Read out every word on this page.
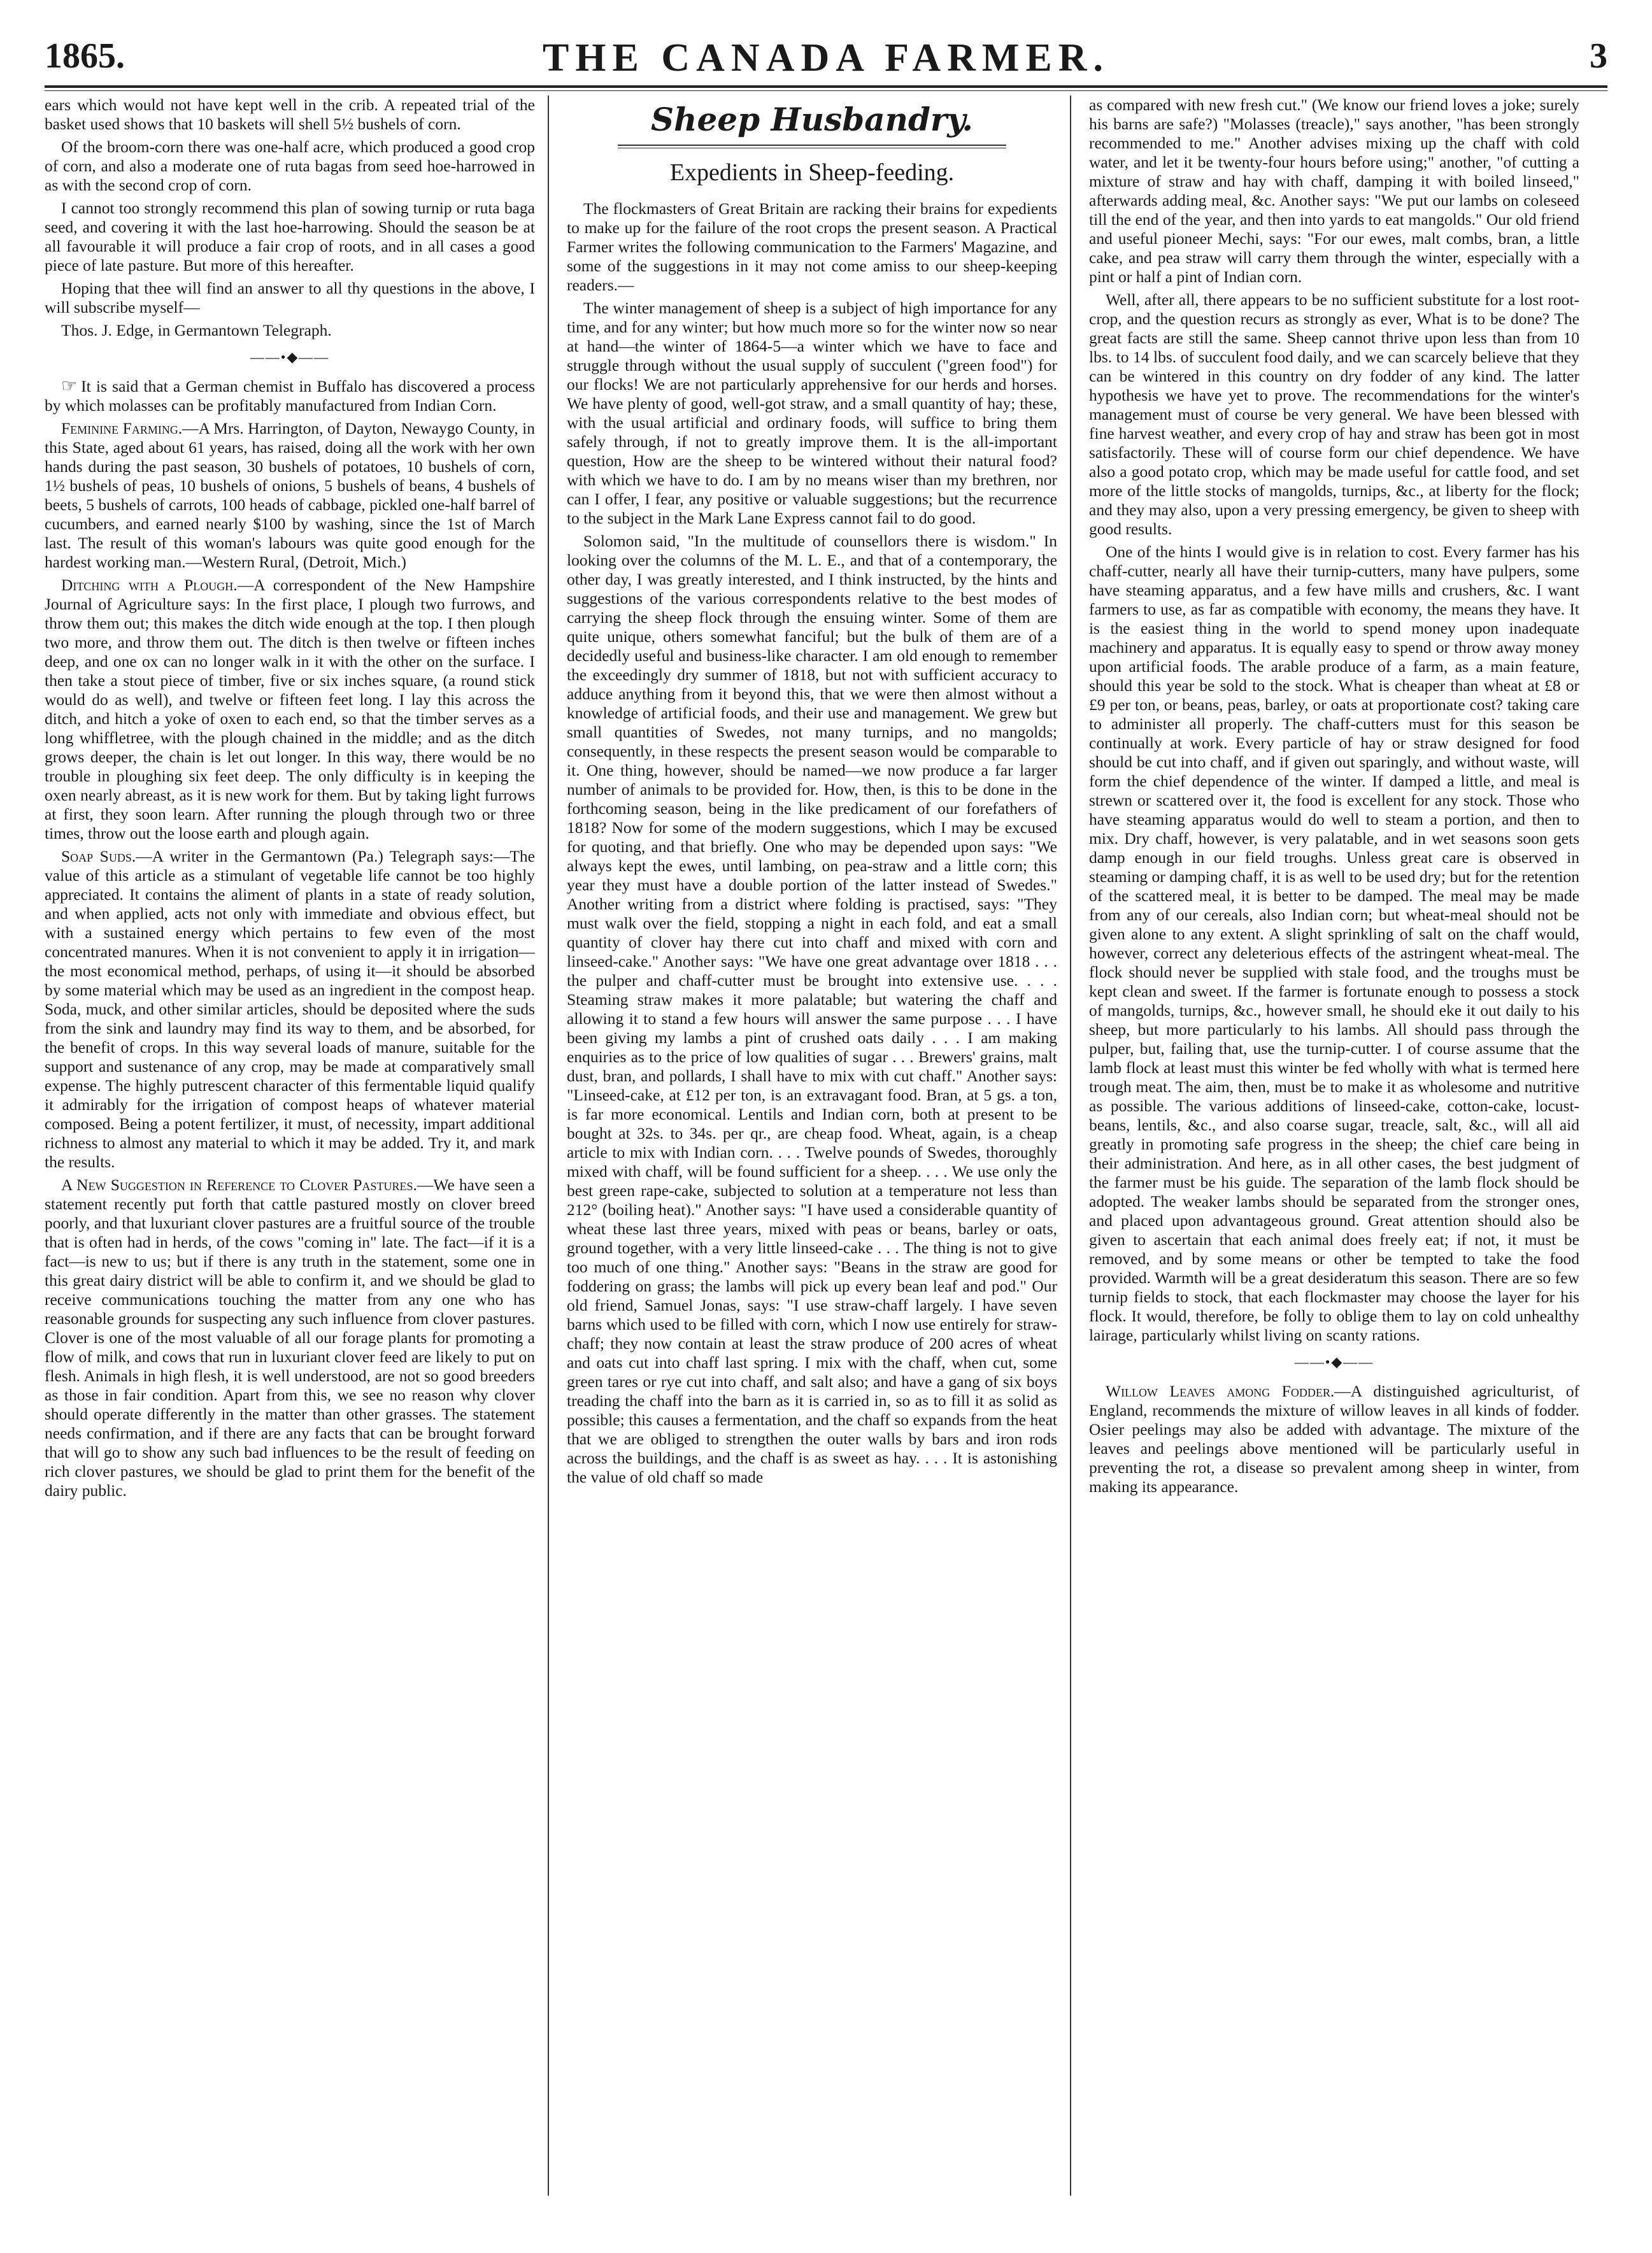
1865.	THE CANADA FARMER.	3

ears which would not have kept well in the crib. A repeated trial of the basket used shows that 10 baskets will shell 5½ bushels of corn.

Of the broom-corn there was one-half acre, which produced a good crop of corn, and also a moderate one of ruta bagas from seed hoe-harrowed in as with the second crop of corn.

I cannot too strongly recommend this plan of sowing turnip or ruta baga seed, and covering it with the last hoe-harrowing. Should the season be at all favourable it will produce a fair crop of roots, and in all cases a good piece of late pasture. But more of this hereafter.

Hoping that thee will find an answer to all thy questions in the above, I will subscribe myself—

Thos. J. Edge, in Germantown Telegraph.

——•◆——

☞ It is said that a German chemist in Buffalo has discovered a process by which molasses can be profitably manufactured from Indian Corn.

Feminine Farming.—A Mrs. Harrington, of Dayton, Newaygo County, in this State, aged about 61 years, has raised, doing all the work with her own hands during the past season, 30 bushels of potatoes, 10 bushels of corn, 1½ bushels of peas, 10 bushels of onions, 5 bushels of beans, 4 bushels of beets, 5 bushels of carrots, 100 heads of cabbage, pickled one-half barrel of cucumbers, and earned nearly $100 by washing, since the 1st of March last. The result of this woman's labours was quite good enough for the hardest working man.—Western Rural, (Detroit, Mich.)

Ditching with a Plough.—A correspondent of the New Hampshire Journal of Agriculture says: In the first place, I plough two furrows, and throw them out; this makes the ditch wide enough at the top. I then plough two more, and throw them out. The ditch is then twelve or fifteen inches deep, and one ox can no longer walk in it with the other on the surface. I then take a stout piece of timber, five or six inches square, (a round stick would do as well), and twelve or fifteen feet long. I lay this across the ditch, and hitch a yoke of oxen to each end, so that the timber serves as a long whiffletree, with the plough chained in the middle; and as the ditch grows deeper, the chain is let out longer. In this way, there would be no trouble in ploughing six feet deep. The only difficulty is in keeping the oxen nearly abreast, as it is new work for them. But by taking light furrows at first, they soon learn. After running the plough through two or three times, throw out the loose earth and plough again.

Soap Suds.—A writer in the Germantown (Pa.) Telegraph says:—The value of this article as a stimulant of vegetable life cannot be too highly appreciated. It contains the aliment of plants in a state of ready solution, and when applied, acts not only with immediate and obvious effect, but with a sustained energy which pertains to few even of the most concentrated manures. When it is not convenient to apply it in irrigation—the most economical method, perhaps, of using it—it should be absorbed by some material which may be used as an ingredient in the compost heap. Soda, muck, and other similar articles, should be deposited where the suds from the sink and laundry may find its way to them, and be absorbed, for the benefit of crops. In this way several loads of manure, suitable for the support and sustenance of any crop, may be made at comparatively small expense. The highly putrescent character of this fermentable liquid qualify it admirably for the irrigation of compost heaps of whatever material composed. Being a potent fertilizer, it must, of necessity, impart additional richness to almost any material to which it may be added. Try it, and mark the results.

A New Suggestion in Reference to Clover Pastures.—We have seen a statement recently put forth that cattle pastured mostly on clover breed poorly, and that luxuriant clover pastures are a fruitful source of the trouble that is often had in herds, of the cows "coming in" late. The fact—if it is a fact—is new to us; but if there is any truth in the statement, some one in this great dairy district will be able to confirm it, and we should be glad to receive communications touching the matter from any one who has reasonable grounds for suspecting any such influence from clover pastures. Clover is one of the most valuable of all our forage plants for promoting a flow of milk, and cows that run in luxuriant clover feed are likely to put on flesh. Animals in high flesh, it is well understood, are not so good breeders as those in fair condition. Apart from this, we see no reason why clover should operate differently in the matter than other grasses. The statement needs confirmation, and if there are any facts that can be brought forward that will go to show any such bad influences to be the result of feeding on rich clover pastures, we should be glad to print them for the benefit of the dairy public.

Sheep Husbandry.
Expedients in Sheep-feeding.

The flockmasters of Great Britain are racking their brains for expedients to make up for the failure of the root crops the present season. A Practical Farmer writes the following communication to the Farmers' Magazine, and some of the suggestions in it may not come amiss to our sheep-keeping readers.—

The winter management of sheep is a subject of high importance for any time, and for any winter; but how much more so for the winter now so near at hand—the winter of 1864-5—a winter which we have to face and struggle through without the usual supply of succulent ("green food") for our flocks! We are not particularly apprehensive for our herds and horses. We have plenty of good, well-got straw, and a small quantity of hay; these, with the usual artificial and ordinary foods, will suffice to bring them safely through, if not to greatly improve them. It is the all-important question, How are the sheep to be wintered without their natural food? with which we have to do. I am by no means wiser than my brethren, nor can I offer, I fear, any positive or valuable suggestions; but the recurrence to the subject in the Mark Lane Express cannot fail to do good.

Solomon said, "In the multitude of counsellors there is wisdom." In looking over the columns of the M. L. E., and that of a contemporary, the other day, I was greatly interested, and I think instructed, by the hints and suggestions of the various correspondents relative to the best modes of carrying the sheep flock through the ensuing winter. Some of them are quite unique, others somewhat fanciful; but the bulk of them are of a decidedly useful and business-like character. I am old enough to remember the exceedingly dry summer of 1818, but not with sufficient accuracy to adduce anything from it beyond this, that we were then almost without a knowledge of artificial foods, and their use and management. We grew but small quantities of Swedes, not many turnips, and no mangolds; consequently, in these respects the present season would be comparable to it. One thing, however, should be named—we now produce a far larger number of animals to be provided for. How, then, is this to be done in the forthcoming season, being in the like predicament of our forefathers of 1818? Now for some of the modern suggestions, which I may be excused for quoting, and that briefly. One who may be depended upon says: "We always kept the ewes, until lambing, on pea-straw and a little corn; this year they must have a double portion of the latter instead of Swedes." Another writing from a district where folding is practised, says: "They must walk over the field, stopping a night in each fold, and eat a small quantity of clover hay there cut into chaff and mixed with corn and linseed-cake." Another says: "We have one great advantage over 1818 . . . the pulper and chaff-cutter must be brought into extensive use. . . . Steaming straw makes it more palatable; but watering the chaff and allowing it to stand a few hours will answer the same purpose . . . I have been giving my lambs a pint of crushed oats daily . . . I am making enquiries as to the price of low qualities of sugar . . . Brewers' grains, malt dust, bran, and pollards, I shall have to mix with cut chaff." Another says: "Linseed-cake, at £12 per ton, is an extravagant food. Bran, at 5 gs. a ton, is far more economical. Lentils and Indian corn, both at present to be bought at 32s. to 34s. per qr., are cheap food. Wheat, again, is a cheap article to mix with Indian corn. . . . Twelve pounds of Swedes, thoroughly mixed with chaff, will be found sufficient for a sheep. . . . We use only the best green rape-cake, subjected to solution at a temperature not less than 212° (boiling heat)." Another says: "I have used a considerable quantity of wheat these last three years, mixed with peas or beans, barley or oats, ground together, with a very little linseed-cake . . . The thing is not to give too much of one thing." Another says: "Beans in the straw are good for foddering on grass; the lambs will pick up every bean leaf and pod." Our old friend, Samuel Jonas, says: "I use straw-chaff largely. I have seven barns which used to be filled with corn, which I now use entirely for straw-chaff; they now contain at least the straw produce of 200 acres of wheat and oats cut into chaff last spring. I mix with the chaff, when cut, some green tares or rye cut into chaff, and salt also; and have a gang of six boys treading the chaff into the barn as it is carried in, so as to fill it as solid as possible; this causes a fermentation, and the chaff so expands from the heat that we are obliged to strengthen the outer walls by bars and iron rods across the buildings, and the chaff is as sweet as hay. . . . It is astonishing the value of old chaff so made

as compared with new fresh cut." (We know our friend loves a joke; surely his barns are safe?) "Molasses (treacle)," says another, "has been strongly recommended to me." Another advises mixing up the chaff with cold water, and let it be twenty-four hours before using;" another, "of cutting a mixture of straw and hay with chaff, damping it with boiled linseed," afterwards adding meal, &c. Another says: "We put our lambs on coleseed till the end of the year, and then into yards to eat mangolds." Our old friend and useful pioneer Mechi, says: "For our ewes, malt combs, bran, a little cake, and pea straw will carry them through the winter, especially with a pint or half a pint of Indian corn.

Well, after all, there appears to be no sufficient substitute for a lost root-crop, and the question recurs as strongly as ever, What is to be done? The great facts are still the same. Sheep cannot thrive upon less than from 10 lbs. to 14 lbs. of succulent food daily, and we can scarcely believe that they can be wintered in this country on dry fodder of any kind. The latter hypothesis we have yet to prove. The recommendations for the winter's management must of course be very general. We have been blessed with fine harvest weather, and every crop of hay and straw has been got in most satisfactorily. These will of course form our chief dependence. We have also a good potato crop, which may be made useful for cattle food, and set more of the little stocks of mangolds, turnips, &c., at liberty for the flock; and they may also, upon a very pressing emergency, be given to sheep with good results.

One of the hints I would give is in relation to cost. Every farmer has his chaff-cutter, nearly all have their turnip-cutters, many have pulpers, some have steaming apparatus, and a few have mills and crushers, &c. I want farmers to use, as far as compatible with economy, the means they have. It is the easiest thing in the world to spend money upon inadequate machinery and apparatus. It is equally easy to spend or throw away money upon artificial foods. The arable produce of a farm, as a main feature, should this year be sold to the stock. What is cheaper than wheat at £8 or £9 per ton, or beans, peas, barley, or oats at proportionate cost? taking care to administer all properly. The chaff-cutters must for this season be continually at work. Every particle of hay or straw designed for food should be cut into chaff, and if given out sparingly, and without waste, will form the chief dependence of the winter. If damped a little, and meal is strewn or scattered over it, the food is excellent for any stock. Those who have steaming apparatus would do well to steam a portion, and then to mix. Dry chaff, however, is very palatable, and in wet seasons soon gets damp enough in our field troughs. Unless great care is observed in steaming or damping chaff, it is as well to be used dry; but for the retention of the scattered meal, it is better to be damped. The meal may be made from any of our cereals, also Indian corn; but wheat-meal should not be given alone to any extent. A slight sprinkling of salt on the chaff would, however, correct any deleterious effects of the astringent wheat-meal. The flock should never be supplied with stale food, and the troughs must be kept clean and sweet. If the farmer is fortunate enough to possess a stock of mangolds, turnips, &c., however small, he should eke it out daily to his sheep, but more particularly to his lambs. All should pass through the pulper, but, failing that, use the turnip-cutter. I of course assume that the lamb flock at least must this winter be fed wholly with what is termed here trough meat. The aim, then, must be to make it as wholesome and nutritive as possible. The various additions of linseed-cake, cotton-cake, locust-beans, lentils, &c., and also coarse sugar, treacle, salt, &c., will all aid greatly in promoting safe progress in the sheep; the chief care being in their administration. And here, as in all other cases, the best judgment of the farmer must be his guide. The separation of the lamb flock should be adopted. The weaker lambs should be separated from the stronger ones, and placed upon advantageous ground. Great attention should also be given to ascertain that each animal does freely eat; if not, it must be removed, and by some means or other be tempted to take the food provided. Warmth will be a great desideratum this season. There are so few turnip fields to stock, that each flockmaster may choose the layer for his flock. It would, therefore, be folly to oblige them to lay on cold unhealthy lairage, particularly whilst living on scanty rations.

——•◆——

Willow Leaves among Fodder.—A distinguished agriculturist, of England, recommends the mixture of willow leaves in all kinds of fodder. Osier peelings may also be added with advantage. The mixture of the leaves and peelings above mentioned will be particularly useful in preventing the rot, a disease so prevalent among sheep in winter, from making its appearance.
